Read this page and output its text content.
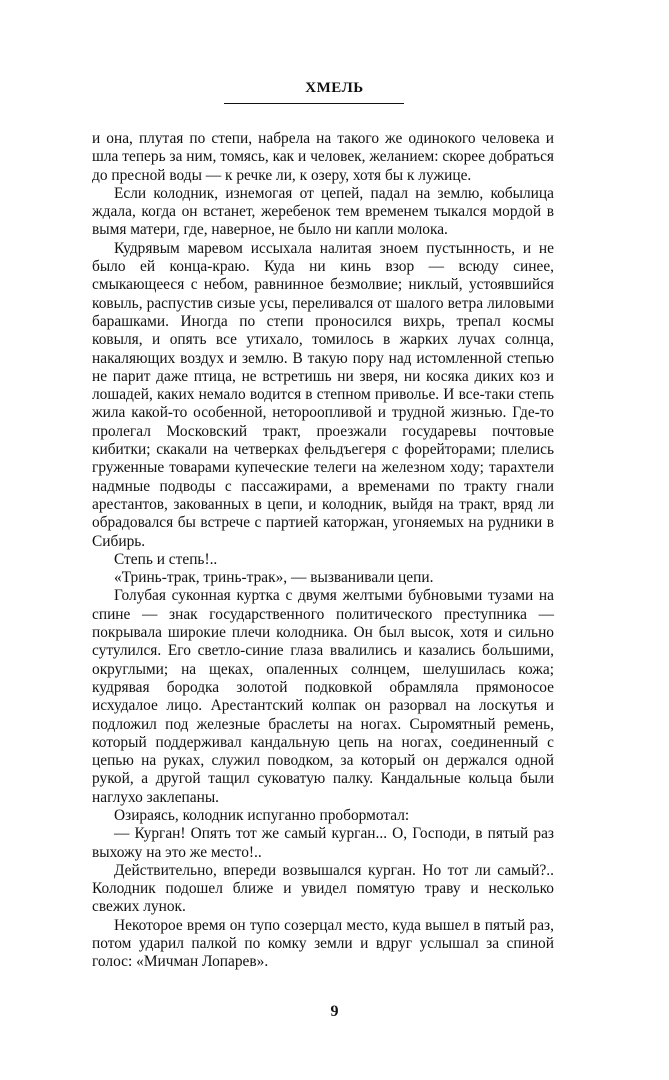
ХМЕЛЬ

и она, плутая по степи, набрела на такого же одинокого человека и шла теперь за ним, томясь, как и человек, желанием: скорее добраться до пресной воды — к речке ли, к озеру, хотя бы к лужице.

Если колодник, изнемогая от цепей, падал на землю, кобылица ждала, когда он встанет, жеребенок тем временем тыкался мордой в вымя матери, где, наверное, не было ни капли молока.

Кудрявым маревом иссыхала налитая зноем пустынность, и не было ей конца-краю. Куда ни кинь взор — всюду синее, смыкающееся с небом, равнинное безмолвие; никлый, устоявшийся ковыль, распустив сизые усы, переливался от шалого ветра лиловыми барашками. Иногда по степи проносился вихрь, трепал космы ковыля, и опять все утихало, томилось в жарких лучах солнца, накаляющих воздух и землю. В такую пору над истомленной степью не парит даже птица, не встретишь ни зверя, ни косяка диких коз и лошадей, каких немало водится в степном приволье. И все-таки степь жила какой-то особенной, нетороопливой и трудной жизнью. Где-то пролегал Московский тракт, проезжали государевы почтовые кибитки; скакали на четверках фельдъегеря с форейторами; плелись груженные товарами купеческие телеги на железном ходу; тарахтели надмные подводы с пассажирами, а временами по тракту гнали арестантов, закованных в цепи, и колодник, выйдя на тракт, вряд ли обрадовался бы встрече с партией каторжан, угоняемых на рудники в Сибирь.

Степь и степь!..

«Тринь-трак, тринь-трак», — вызванивали цепи.

Голубая суконная куртка с двумя желтыми бубновыми тузами на спине — знак государственного политического преступника — покрывала широкие плечи колодника. Он был высок, хотя и сильно сутулился. Его светло-синие глаза ввалились и казались большими, округлыми; на щеках, опаленных солнцем, шелушилась кожа; кудрявая бородка золотой подковкой обрамляла прямоносое исхудалое лицо. Арестантский колпак он разорвал на лоскутья и подложил под железные браслеты на ногах. Сыромятный ремень, который поддерживал кандальную цепь на ногах, соединенный с цепью на руках, служил поводком, за который он держался одной рукой, а другой тащил суковатую палку. Кандальные кольца были наглухо заклепаны.

Озираясь, колодник испуганно пробормотал:

— Курган! Опять тот же самый курган... О, Господи, в пятый раз выхожу на это же место!..

Действительно, впереди возвышался курган. Но тот ли самый?.. Колодник подошел ближе и увидел помятую траву и несколько свежих лунок.

Некоторое время он тупо созерцал место, куда вышел в пятый раз, потом ударил палкой по комку земли и вдруг услышал за спиной голос: «Мичман Лопарев».

9
